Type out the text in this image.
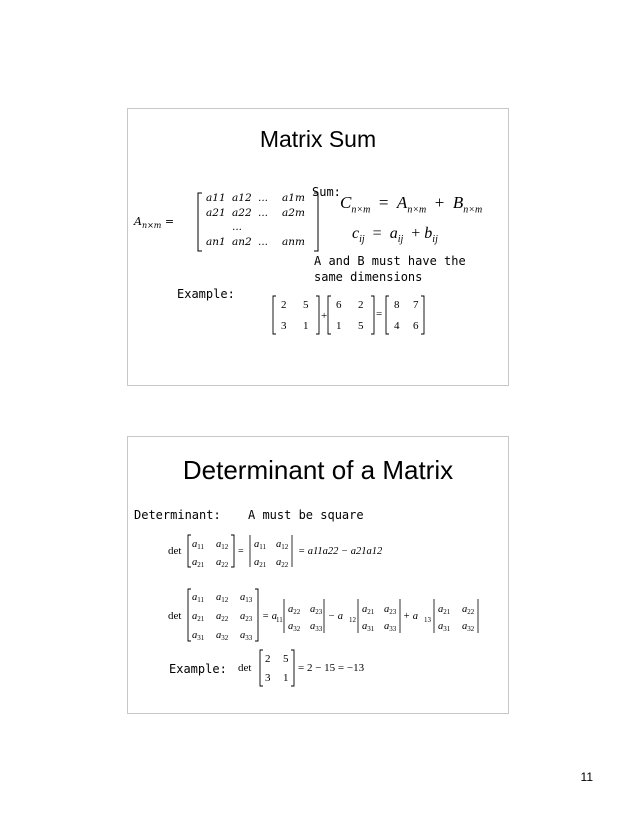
Matrix Sum
$A_{n\times m}$ =
a11 a12 ... a1m
a21 a22 ... a2m
...
an1 an2 ... anm
Sum:
$C_{n\times m} = A_{n\times m} + B_{n\times m}$
$c_{ij} = a_{ij} + b_{ij}$
A and B must have the
same dimensions
Example:
2 5
3 1
+
6 2
1 5
=
8
4
7
6
Determinant of a Matrix
Determinant: A must be square
det
a11 a12
a21 a22
=
a11 a12
a21 a22
= a11a22 − a21a12
det
a11 a12 a13
a21 a22 a23
a31 a32 a33
= a 11
a22 a23
a32 a33
− a 12
a21 a23
a31 a33
+ a 13
a21 a22
a31 a32
Example: det
2 5
3 1
= 2 − 15 = −13
11
